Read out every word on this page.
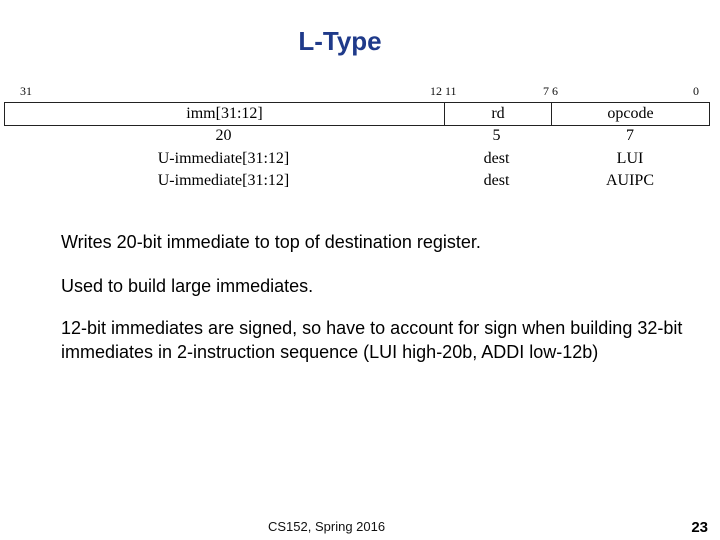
L-Type
31	12 11	7 6	0
imm[31:12]	rd	opcode
20	5	7
U-immediate[31:12]	dest	LUI
U-immediate[31:12]	dest	AUIPC
Writes 20-bit immediate to top of destination register.
Used to build large immediates.
12-bit immediates are signed, so have to account for sign when building 32-bit immediates in 2-instruction sequence (LUI high-20b, ADDI low-12b)
CS152, Spring 2016	23
